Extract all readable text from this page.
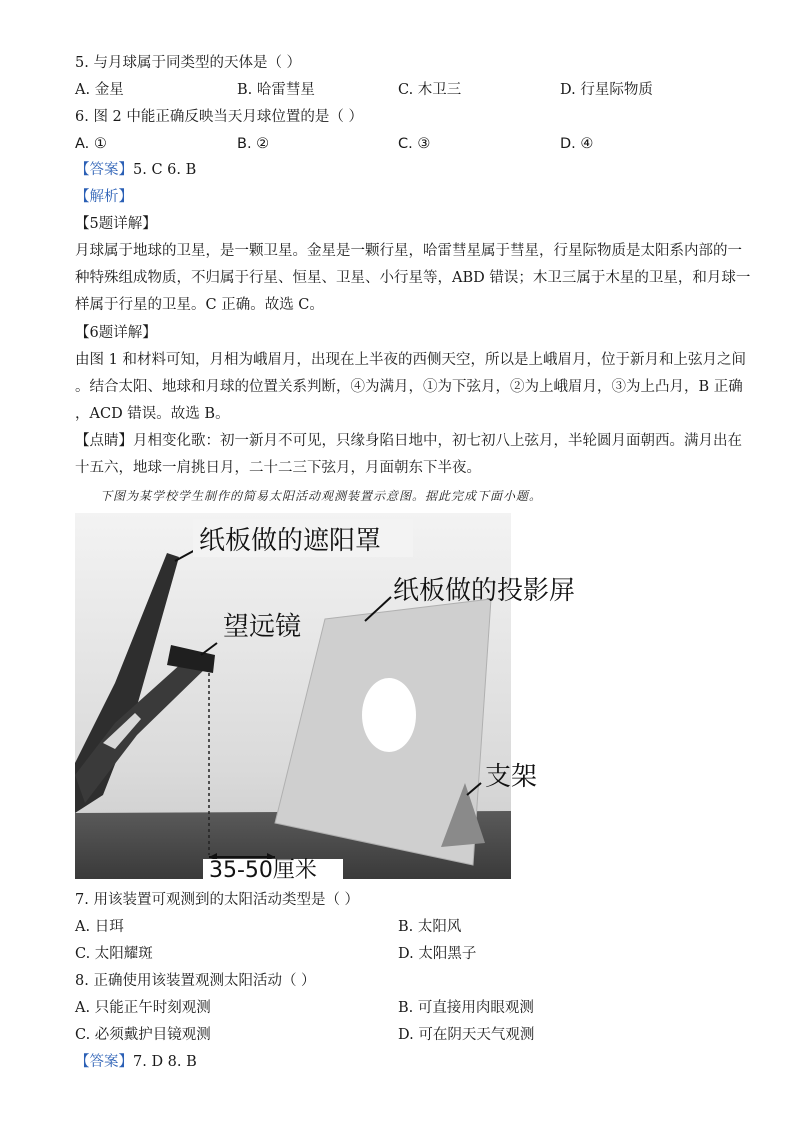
5. 与月球属于同类型的天体是（ ）
A. 金星	B. 哈雷彗星	C. 木卫三	D. 行星际物质
6. 图 2 中能正确反映当天月球位置的是（ ）
A. ①	B. ②	C. ③	D. ④
【答案】5. C 6. B
【解析】
【5题详解】
月球属于地球的卫星，是一颗卫星。金星是一颗行星，哈雷彗星属于彗星，行星际物质是太阳系内部的一
种特殊组成物质，不归属于行星、恒星、卫星、小行星等，ABD 错误；木卫三属于木星的卫星，和月球一
样属于行星的卫星。C 正确。故选 C。
【6题详解】
由图 1 和材料可知，月相为峨眉月，出现在上半夜的西侧天空，所以是上峨眉月，位于新月和上弦月之间
。结合太阳、地球和月球的位置关系判断，④为满月，①为下弦月，②为上峨眉月，③为上凸月，B 正确
，ACD 错误。故选 B。
【点睛】月相变化歌：初一新月不可见，只缘身陷日地中，初七初八上弦月，半轮圆月面朝西。满月出在
十五六，地球一肩挑日月，二十二三下弦月，月面朝东下半夜。
下图为某学校学生制作的简易太阳活动观测装置示意图。据此完成下面小题。
纸板做的遮阳罩
纸板做的投影屏
望远镜
支架
35-50厘米
7. 用该装置可观测到的太阳活动类型是（ ）
A. 日珥	B. 太阳风
C. 太阳耀斑	D. 太阳黑子
8. 正确使用该装置观测太阳活动（ ）
A. 只能正午时刻观测	B. 可直接用肉眼观测
C. 必须戴护目镜观测	D. 可在阴天天气观测
【答案】7. D 8. B
